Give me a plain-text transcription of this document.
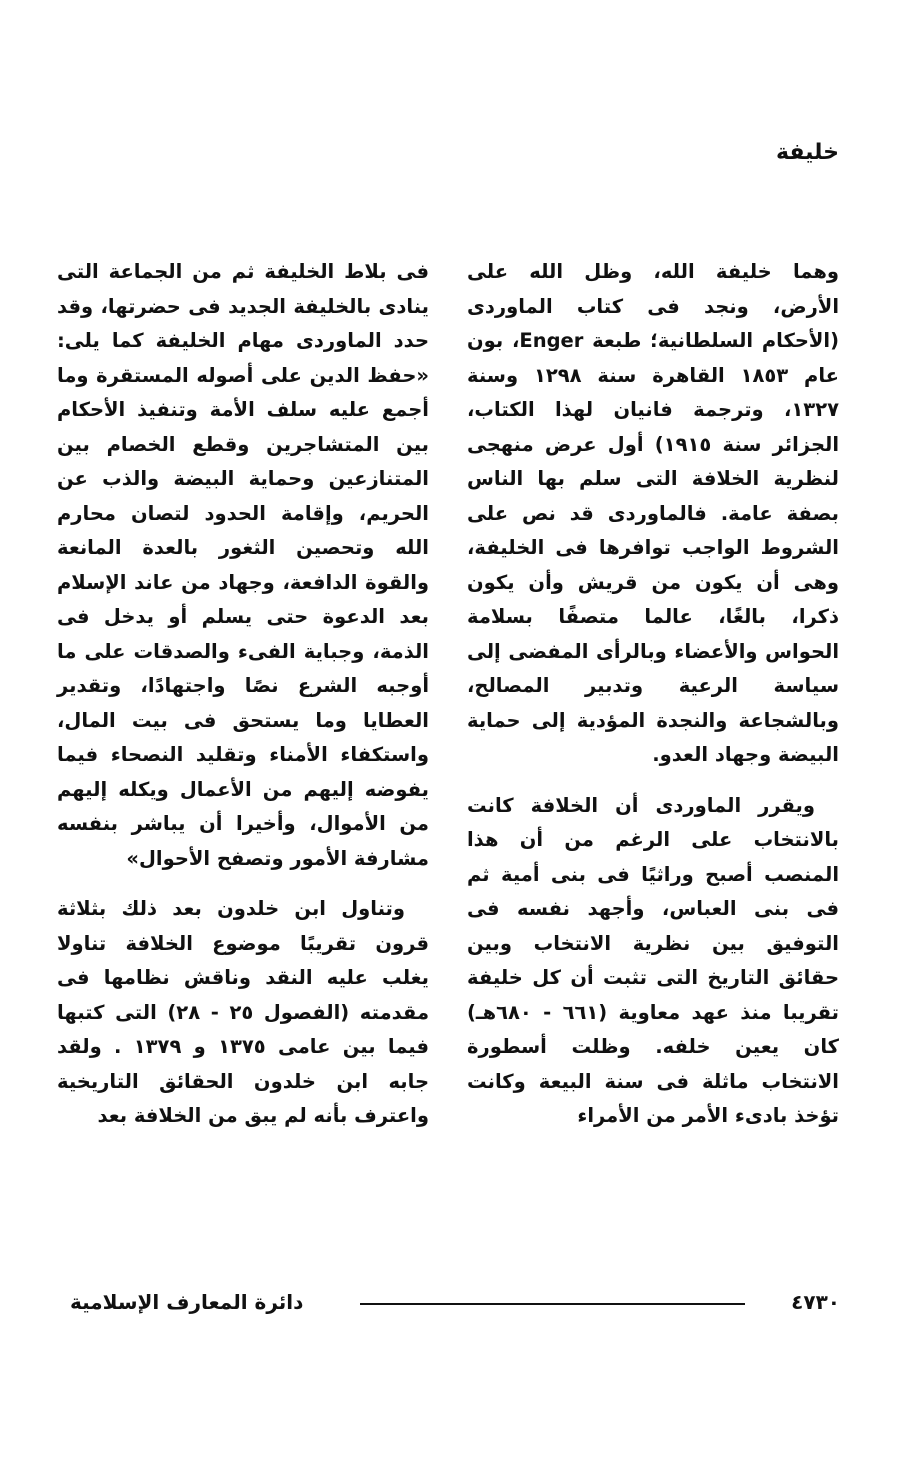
خليفة

وهما خليفة الله، وظل الله على الأرض، ونجد فى كتاب الماوردى (الأحكام السلطانية؛ طبعة Enger، بون عام ١٨٥٣ القاهرة سنة ١٢٩٨ وسنة ١٣٢٧، وترجمة فانيان لهذا الكتاب، الجزائر سنة ١٩١٥) أول عرض منهجى لنظرية الخلافة التى سلم بها الناس بصفة عامة. فالماوردى قد نص على الشروط الواجب توافرها فى الخليفة، وهى أن يكون من قريش وأن يكون ذكرا، بالغًا، عالما متصفًا بسلامة الحواس والأعضاء وبالرأى المفضى إلى سياسة الرعية وتدبير المصالح، وبالشجاعة والنجدة المؤدية إلى حماية البيضة وجهاد العدو.

ويقرر الماوردى أن الخلافة كانت بالانتخاب على الرغم من أن هذا المنصب أصبح وراثيًا فى بنى أمية ثم فى بنى العباس، وأجهد نفسه فى التوفيق بين نظرية الانتخاب وبين حقائق التاريخ التى تثبت أن كل خليفة تقريبا منذ عهد معاوية (٦٦١ - ٦٨٠هـ) كان يعين خلفه. وظلت أسطورة الانتخاب ماثلة فى سنة البيعة وكانت تؤخذ بادىء الأمر من الأمراء

فى بلاط الخليفة ثم من الجماعة التى ينادى بالخليفة الجديد فى حضرتها، وقد حدد الماوردى مهام الخليفة كما يلى: «حفظ الدين على أصوله المستقرة وما أجمع عليه سلف الأمة وتنفيذ الأحكام بين المتشاجرين وقطع الخصام بين المتنازعين وحماية البيضة والذب عن الحريم، وإقامة الحدود لتصان محارم الله وتحصين الثغور بالعدة المانعة والقوة الدافعة، وجهاد من عاند الإسلام بعد الدعوة حتى يسلم أو يدخل فى الذمة، وجباية الفىء والصدقات على ما أوجبه الشرع نصًا واجتهادًا، وتقدير العطايا وما يستحق فى بيت المال، واستكفاء الأمناء وتقليد النصحاء فيما يفوضه إليهم من الأعمال ويكله إليهم من الأموال، وأخيرا أن يباشر بنفسه مشارفة الأمور وتصفح الأحوال»

وتناول ابن خلدون بعد ذلك بثلاثة قرون تقريبًا موضوع الخلافة تناولا يغلب عليه النقد وناقش نظامها فى مقدمته (الفصول ٢٥ - ٢٨) التى كتبها فيما بين عامى ١٣٧٥ و ١٣٧٩ . ولقد جابه ابن خلدون الحقائق التاريخية واعترف بأنه لم يبق من الخلافة بعد

دائرة المعارف الإسلامية	٤٧٣٠
